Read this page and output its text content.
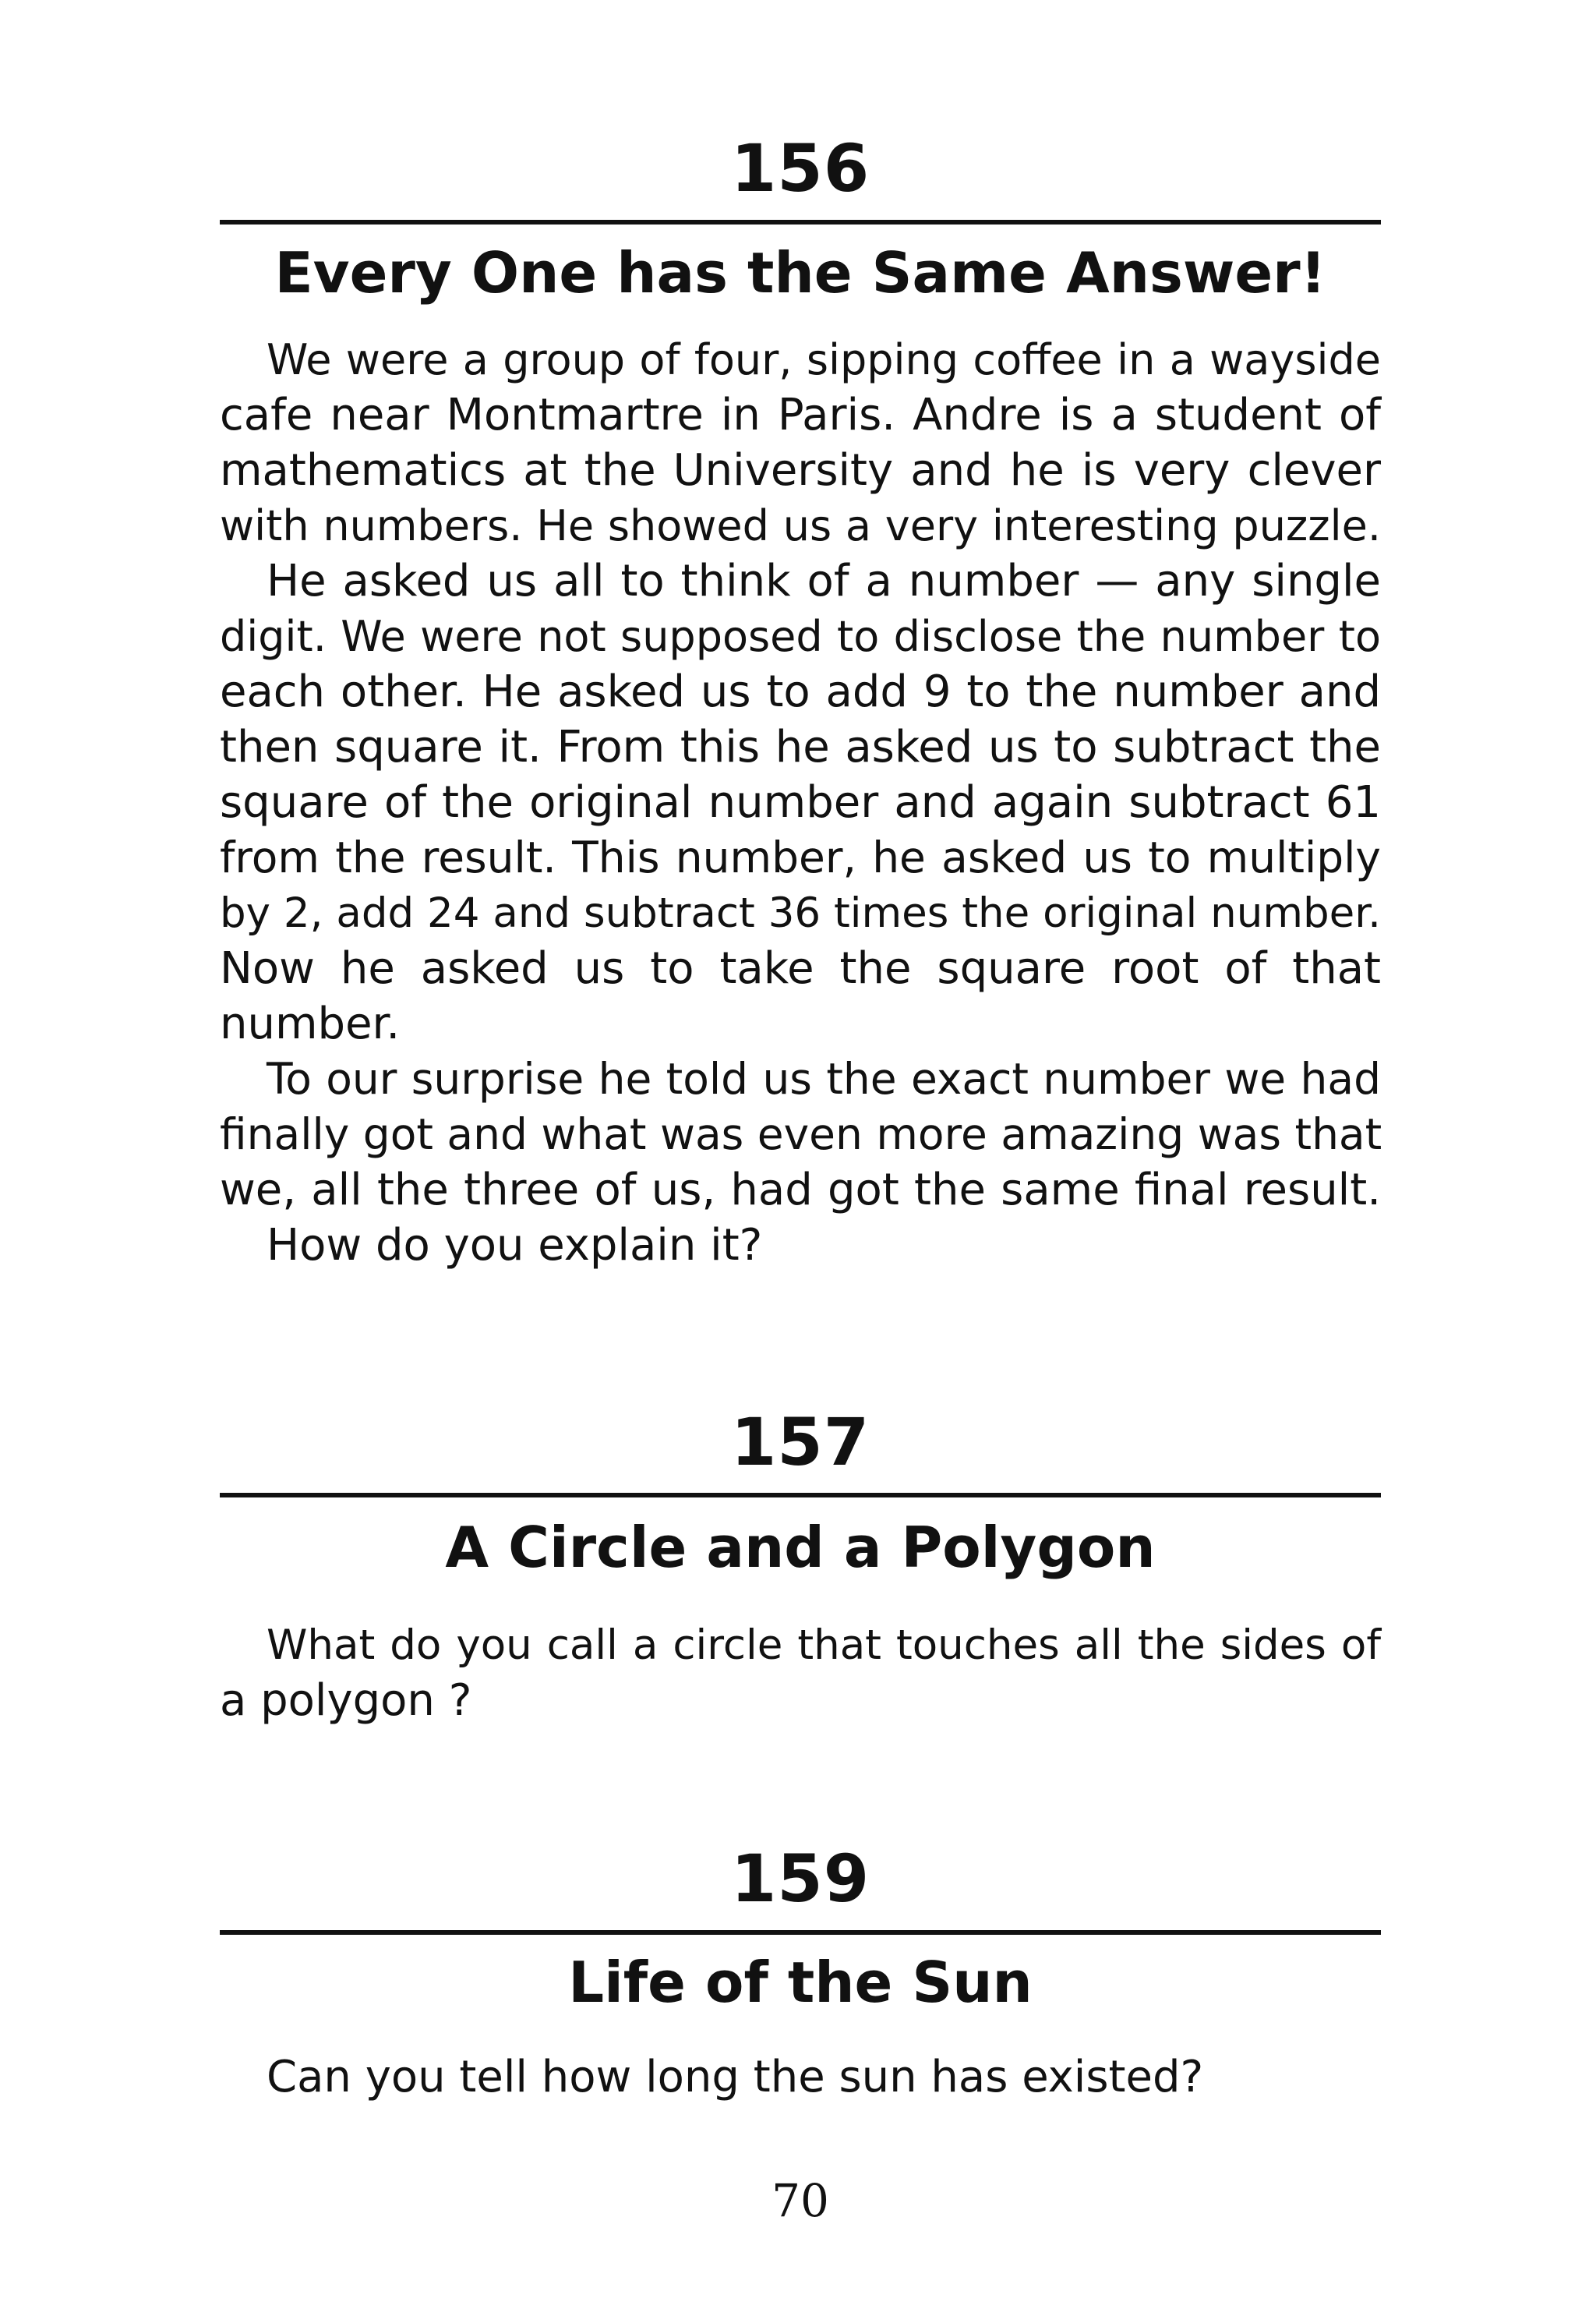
156
Every One has the Same Answer!
We were a group of four, sipping coffee in a wayside
cafe near Montmartre in Paris. Andre is a student of
mathematics at the University and he is very clever
with numbers. He showed us a very interesting puzzle.
He asked us all to think of a number — any single
digit. We were not supposed to disclose the number to
each other. He asked us to add 9 to the number and
then square it. From this he asked us to subtract the
square of the original number and again subtract 61
from the result. This number, he asked us to multiply
by 2, add 24 and subtract 36 times the original number.
Now he asked us to take the square root of that
number.
To our surprise he told us the exact number we had
finally got and what was even more amazing was that
we, all the three of us, had got the same final result.
How do you explain it?
157
A Circle and a Polygon
What do you call a circle that touches all the sides of
a polygon ?
159
Life of the Sun
Can you tell how long the sun has existed?
70
